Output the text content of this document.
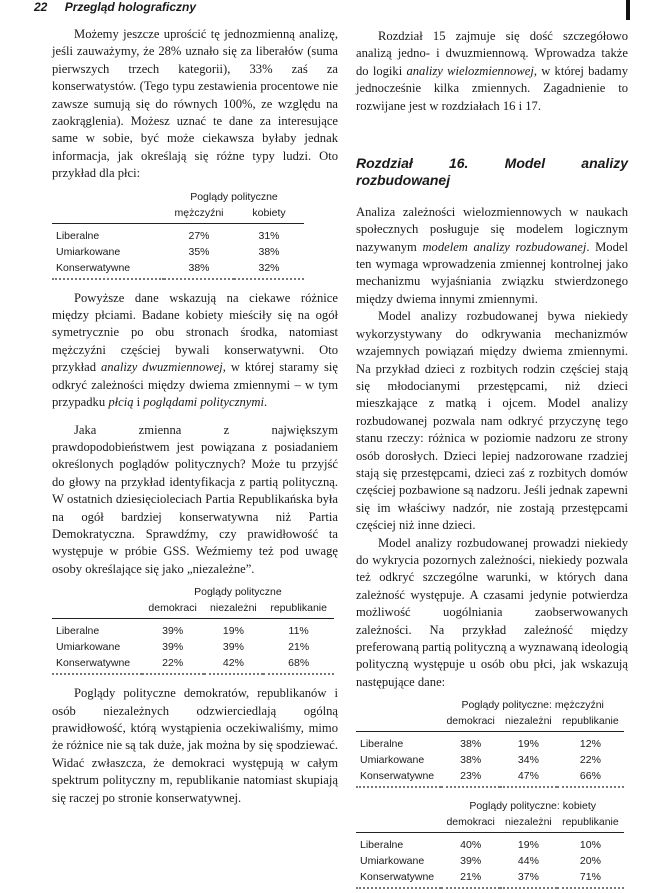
22 Przegląd holograficzny

Możemy jeszcze uprościć tę jednozmienną analizę, jeśli zauważymy, że 28% uznało się za liberałów (suma pierwszych trzech kategorii), 33% zaś za konserwatystów. (Tego typu zestawienia procentowe nie zawsze sumują się do równych 100%, ze względu na zaokrąglenia). Możesz uznać te dane za interesujące same w sobie, być może ciekawsza byłaby jednak informacja, jak określają się różne typy ludzi. Oto przykład dla płci:

	Poglądy polityczne	
	mężczyźni	kobiety
Liberalne	27%	31%
Umiarkowane	35%	38%
Konserwatywne	38%	32%

Powyższe dane wskazują na ciekawe różnice między płciami. Badane kobiety mieściły się na ogół symetrycznie po obu stronach środka, natomiast mężczyźni częściej bywali konserwatywni. Oto przykład analizy dwuzmiennowej, w której staramy się odkryć zależności między dwiema zmiennymi – w tym przypadku płcią i poglądami politycznymi.

Jaka zmienna z największym prawdopodobieństwem jest powiązana z posiadaniem określonych poglądów politycznych? Może tu przyjść do głowy na przykład identyfikacja z partią polityczną. W ostatnich dziesięcioleciach Partia Republikańska była na ogół bardziej konserwatywna niż Partia Demokratyczna. Sprawdźmy, czy prawidłowość ta występuje w próbie GSS. Weźmiemy też pod uwagę osoby określające się jako „niezależne”.

	Poglądy polityczne		
	demokraci	niezależni	republikanie
Liberalne	39%	19%	11%
Umiarkowane	39%	39%	21%
Konserwatywne	22%	42%	68%

Poglądy polityczne demokratów, republikanów i osób niezależnych odzwierciedlają ogólną prawidłowość, którą wystąpienia oczekiwaliśmy, mimo że różnice nie są tak duże, jak można by się spodziewać. Widać zwłaszcza, że demokraci występują w całym spektrum polityczny m, republikanie natomiast skupiają się raczej po stronie konserwatywnej.

Rozdział 15 zajmuje się dość szczegółowo analizą jedno- i dwuzmiennową. Wprowadza także do logiki analizy wielozmiennowej, w której badamy jednocześnie kilka zmiennych. Zagadnienie to rozwijane jest w rozdziałach 16 i 17.

Rozdział 16. Model analizy rozbudowanej

Analiza zależności wielozmiennowych w naukach społecznych posługuje się modelem logicznym nazywanym modelem analizy rozbudowanej. Model ten wymaga wprowadzenia zmiennej kontrolnej jako mechanizmu wyjaśniania związku stwierdzonego między dwiema innymi zmiennymi.

Model analizy rozbudowanej bywa niekiedy wykorzystywany do odkrywania mechanizmów wzajemnych powiązań między dwiema zmiennymi. Na przykład dzieci z rozbitych rodzin częściej stają się młodocianymi przestępcami, niż dzieci mieszkające z matką i ojcem. Model analizy rozbudowanej pozwala nam odkryć przyczynę tego stanu rzeczy: różnica w poziomie nadzoru ze strony osób dorosłych. Dzieci lepiej nadzorowane rzadziej stają się przestępcami, dzieci zaś z rozbitych domów częściej pozbawione są nadzoru. Jeśli jednak zapewni się im właściwy nadzór, nie zostają przestępcami częściej niż inne dzieci.

Model analizy rozbudowanej prowadzi niekiedy do wykrycia pozornych zależności, niekiedy pozwala też odkryć szczególne warunki, w których dana zależność występuje. A czasami jedynie potwierdza możliwość uogólniania zaobserwowanych zależności. Na przykład zależność między preferowaną partią polityczną a wyznawaną ideologią polityczną występuje u osób obu płci, jak wskazują następujące dane:

	Poglądy polityczne: mężczyźni		
	demokraci	niezależni	republikanie
Liberalne	38%	19%	12%
Umiarkowane	38%	34%	22%
Konserwatywne	23%	47%	66%
	Poglądy polityczne: kobiety		
	demokraci	niezależni	republikanie
Liberalne	40%	19%	10%
Umiarkowane	39%	44%	20%
Konserwatywne	21%	37%	71%
